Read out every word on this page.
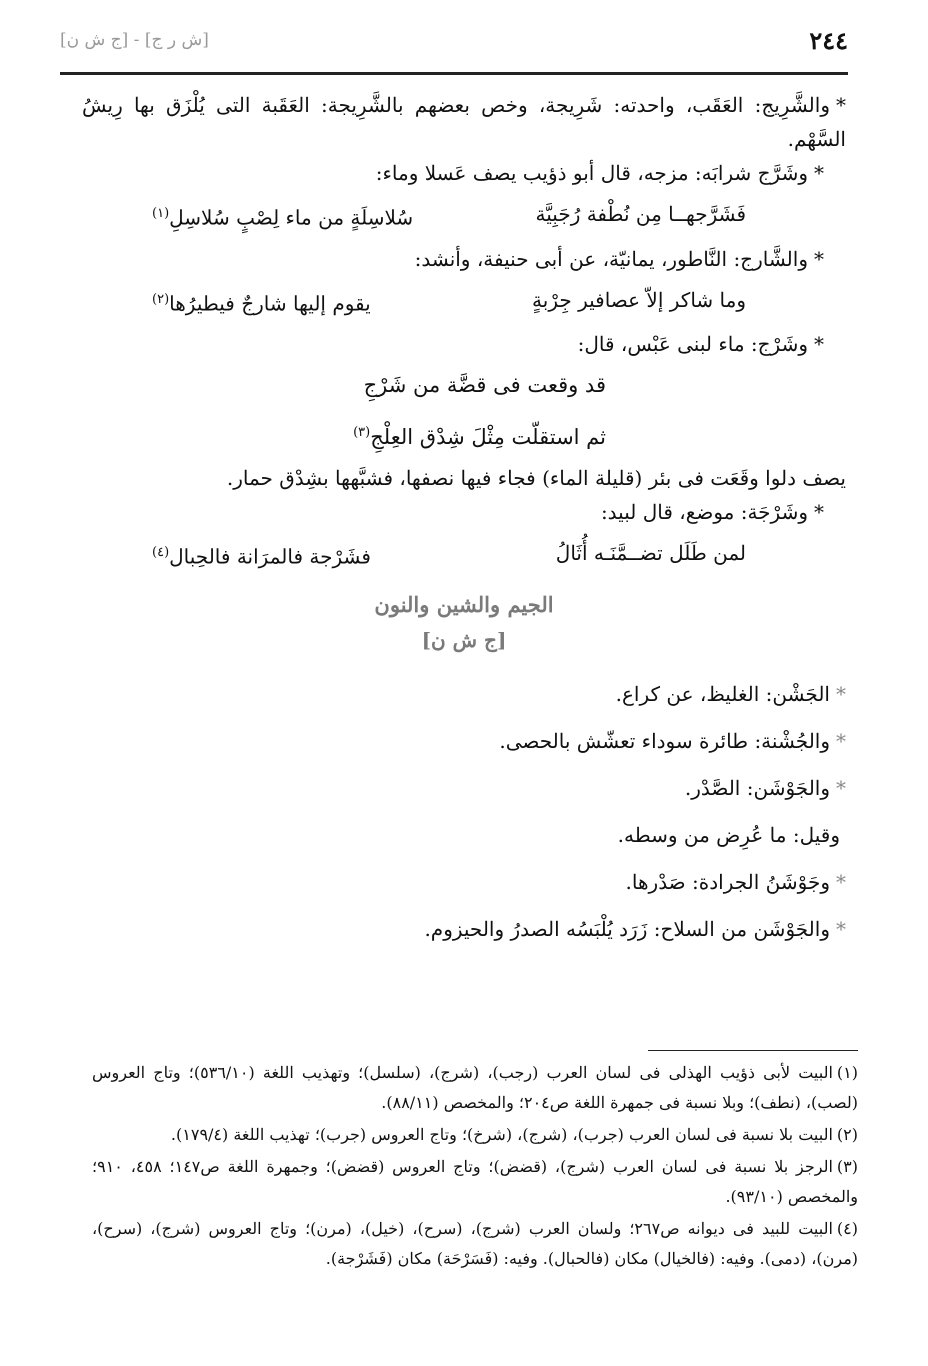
٢٤٤
[ش ر ج] - [ج ش ن]

*والشَّرِيج: العَقَب، واحدته: شَرِيجة، وخص بعضهم بالشَّرِيجة: العَقَبة التى يُلْزَق بها رِيشُ السَّهْم.

*وشَرَّج شرابَه: مزجه، قال أبو ذؤيب يصف عَسلا وماء:

فَشَرَّجهــا مِن نُطْفة رُجَبِيَّة
سُلاسِلَةٍ من ماء لِصْبٍ سُلاسِلِ$^{(١)}$

*والشَّارج: النَّاطور، يمانيّة، عن أبى حنيفة، وأنشد:

وما شاكر إلاّ عصافير جِرْبةٍ
يقوم إليها شارجٌ فيطيرُها$^{(٢)}$

*وشَرْج: ماء لبنى عَبْس، قال:

قد وقعت فى قضَّة من شَرْجِ
ثم استقلّت مِثْلَ شِدْق العِلْجِ$^{(٣)}$

يصف دلوا وقَعَت فى بئر (قليلة الماء) فجاء فيها نصفها، فشبَّهها بشِدْق حمار.

*وشَرْجَة: موضع، قال لبيد:

لمن طَلَل تضــمَّنَـه أُثَالُ
فشَرْجة فالمرَانة فالحِبال$^{(٤)}$
الجيم والشين والنون
[ج ش ن]
*الجَشْن: الغليظ، عن كراع.
*والجُشْنة: طائرة سوداء تعشّش بالحصى.
*والجَوْشَن: الصَّدْر.
وقيل: ما عُرِض من وسطه.
*وجَوْشَنُ الجرادة: صَدْرها.
*والجَوْشَن من السلاح: زَرَد يُلْبَسُه الصدرُ والحيزوم.

(١)البيت لأبى ذؤيب الهذلى فى لسان العرب (رجب)، (شرج)، (سلسل)؛ وتهذيب اللغة (٥٣٦/١٠)؛ وتاج العروس (لصب)، (نطف)؛ وبلا نسبة فى جمهرة اللغة ص٢٠٤؛ والمخصص (٨٨/١١).

(٢)البيت بلا نسبة فى لسان العرب (جرب)، (شرج)، (شرخ)؛ وتاج العروس (جرب)؛ تهذيب اللغة (١٧٩/٤).

(٣)الرجز بلا نسبة فى لسان العرب (شرج)، (قضض)؛ وتاج العروس (قضض)؛ وجمهرة اللغة ص١٤٧؛ ٤٥٨، ٩١٠؛ والمخصص (٩٣/١٠).

(٤)البيت للبيد فى ديوانه ص٢٦٧؛ ولسان العرب (شرج)، (سرح)، (خيل)، (مرن)؛ وتاج العروس (شرج)، (سرح)، (مرن)، (دمى). وفيه: (فالخيال) مكان (فالحبال). وفيه: (فَسَرْحَة) مكان (فَشَرْجة).
